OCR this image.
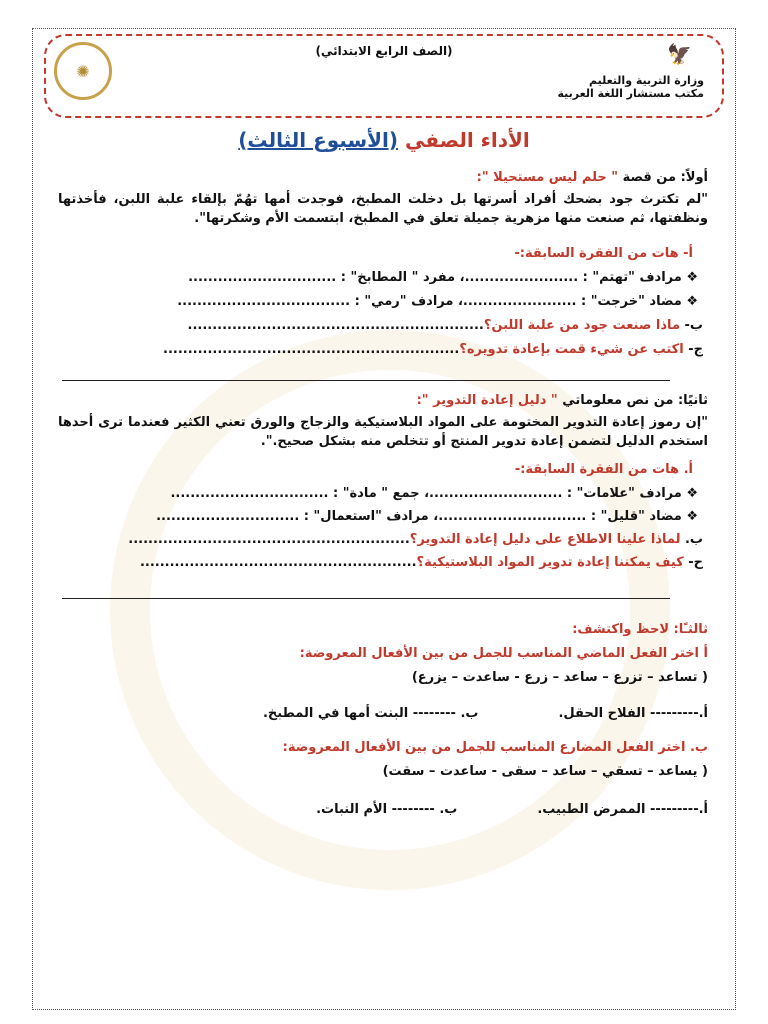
✺
(الصف الرابع الابتدائي)	🦅
وزارة التربية والتعليم
مكتب مستشار اللغة العربية
الأداء الصفي (الأسبوع الثالث)
أولاً: من قصة " حلم ليس مستحيلا ":
"لم تكترث جود بضحك أفراد أسرتها بل دخلت المطبخ، فوجدت أمها تهُمّ بإلقاء علبة اللبن، فأخذتها ونظفتها، ثم صنعت منها مزهرية جميلة تعلق في المطبخ، ابتسمت الأم وشكرتها".
أ- هات من الفقرة السابقة:-
❖ مرادف "تهتم" : .......................، مفرد " المطابخ" : ..............................
❖ مضاد "خرجت" : .......................، مرادف "رمي" : ...................................
ب- ماذا صنعت جود من علبة اللبن؟............................................................
ج- اكتب عن شيء قمت بإعادة تدويره؟............................................................
ثانيًا: من نص معلوماتي " دليل إعادة التدوير ":
"إن رموز إعادة التدوير المختومة على المواد البلاستيكية والزجاج والورق تعني الكثير فعندما ترى أحدها استخدم الدليل لتضمن إعادة تدوير المنتج أو تتخلص منه بشكل صحيح.".
أ. هات من الفقرة السابقة:-
❖ مرادف "علامات" : ...........................، جمع " مادة" : ................................
❖ مضاد "قليل" : ..............................، مرادف "استعمال" : .............................
ب. لماذا علينا الاطلاع على دليل إعادة التدوير؟.........................................................
ح- كيف يمكننا إعادة تدوير المواد البلاستيكية؟........................................................
ثالثـًا: لاحظ واكتشف:
أ اختر الفعل الماضي المناسب للجمل من بين الأفعال المعروضة:
( تساعد – تزرع – ساعد – زرع - ساعدت – يزرع)
أ.--------- الفلاح الحقل.
ب. -------- البنت أمها في المطبخ.
ب. اختر الفعل المضارع المناسب للجمل من بين الأفعال المعروضة:
( يساعد – تسقي – ساعد – سقى - ساعدت – سقت)
أ.--------- الممرض الطبيب.
ب. -------- الأم النبات.
